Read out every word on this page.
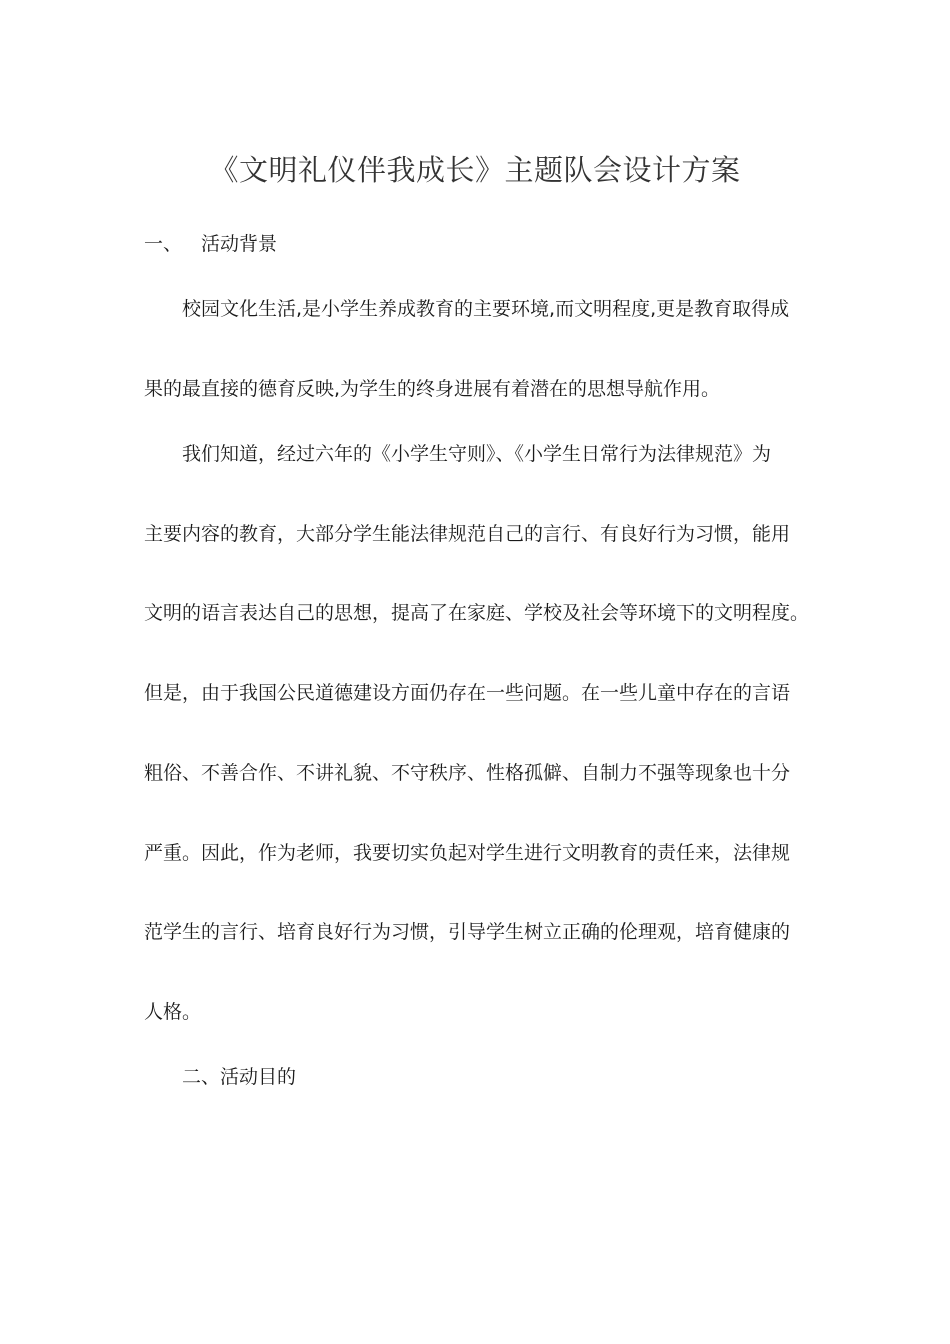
《文明礼仪伴我成长》主题队会设计方案
一、 活动背景
校园文化生活,是小学生养成教育的主要环境,而文明程度,更是教育取得成
果的最直接的德育反映,为学生的终身进展有着潜在的思想导航作用。
我们知道，经过六年的《小学生守则》、《小学生日常行为法律规范》为
主要内容的教育，大部分学生能法律规范自己的言行、有良好行为习惯，能用
文明的语言表达自己的思想，提高了在家庭、学校及社会等环境下的文明程度。
但是，由于我国公民道德建设方面仍存在一些问题。在一些儿童中存在的言语
粗俗、不善合作、不讲礼貌、不守秩序、性格孤僻、自制力不强等现象也十分
严重。因此，作为老师，我要切实负起对学生进行文明教育的责任来，法律规
范学生的言行、培育良好行为习惯，引导学生树立正确的伦理观，培育健康的
人格。
二、活动目的
